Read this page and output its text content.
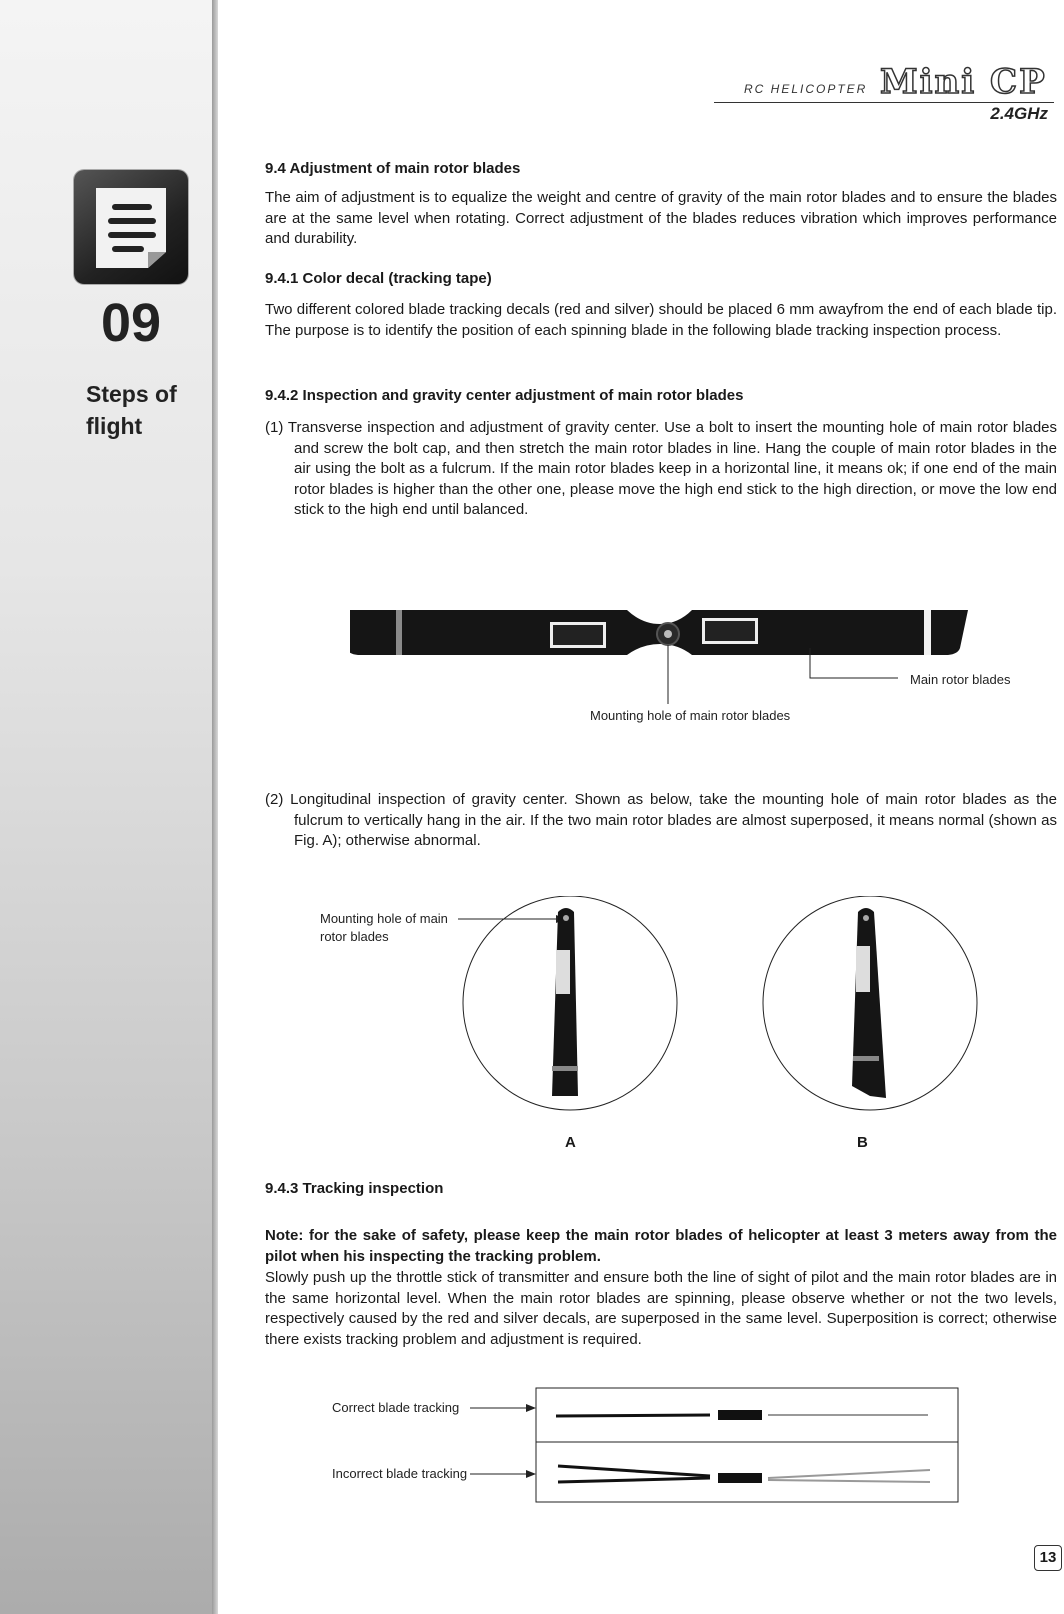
09
Steps of flight
RC HELICOPTER Mini CP
2.4GHz

9.4 Adjustment of main rotor blades

The aim of adjustment is to equalize the weight and centre of gravity of the main rotor blades and to ensure the blades are at the same level when rotating. Correct adjustment of the blades reduces vibration which improves performance and durability.

9.4.1 Color decal (tracking tape)

Two different colored blade tracking decals (red and silver) should be placed 6 mm awayfrom the end of each blade tip. The purpose is to identify the position of each spinning blade in the following blade tracking inspection process.

9.4.2 Inspection and gravity center adjustment of main rotor blades

(1) Transverse inspection and adjustment of gravity center. Use a bolt to insert the mounting hole of main rotor blades and screw the bolt cap, and then stretch the main rotor blades in line. Hang the couple of main rotor blades in the air using the bolt as a fulcrum. If the main rotor blades keep in a horizontal line, it means ok; if one end of the main rotor blades is higher than the other one, please move the high end stick to the high direction, or move the low end stick to the high end until balanced.

Main rotor blades
Mounting hole of main rotor blades

(2) Longitudinal inspection of gravity center. Shown as below, take the mounting hole of main rotor blades as the fulcrum to vertically hang in the air. If the two main rotor blades are almost superposed, it means normal (shown as Fig. A); otherwise abnormal.

Mounting hole of main rotor blades
A	B

9.4.3 Tracking inspection

Note: for the sake of safety, please keep the main rotor blades of helicopter at least 3 meters away from the pilot when his inspecting the tracking problem.

Slowly push up the throttle stick of transmitter and ensure both the line of sight of pilot and the main rotor blades are in the same horizontal level. When the main rotor blades are spinning, please observe whether or not the two levels, respectively caused by the red and silver decals, are superposed in the same level. Superposition is correct; otherwise there exists tracking problem and adjustment is required.

Correct blade tracking
Incorrect blade tracking
13
